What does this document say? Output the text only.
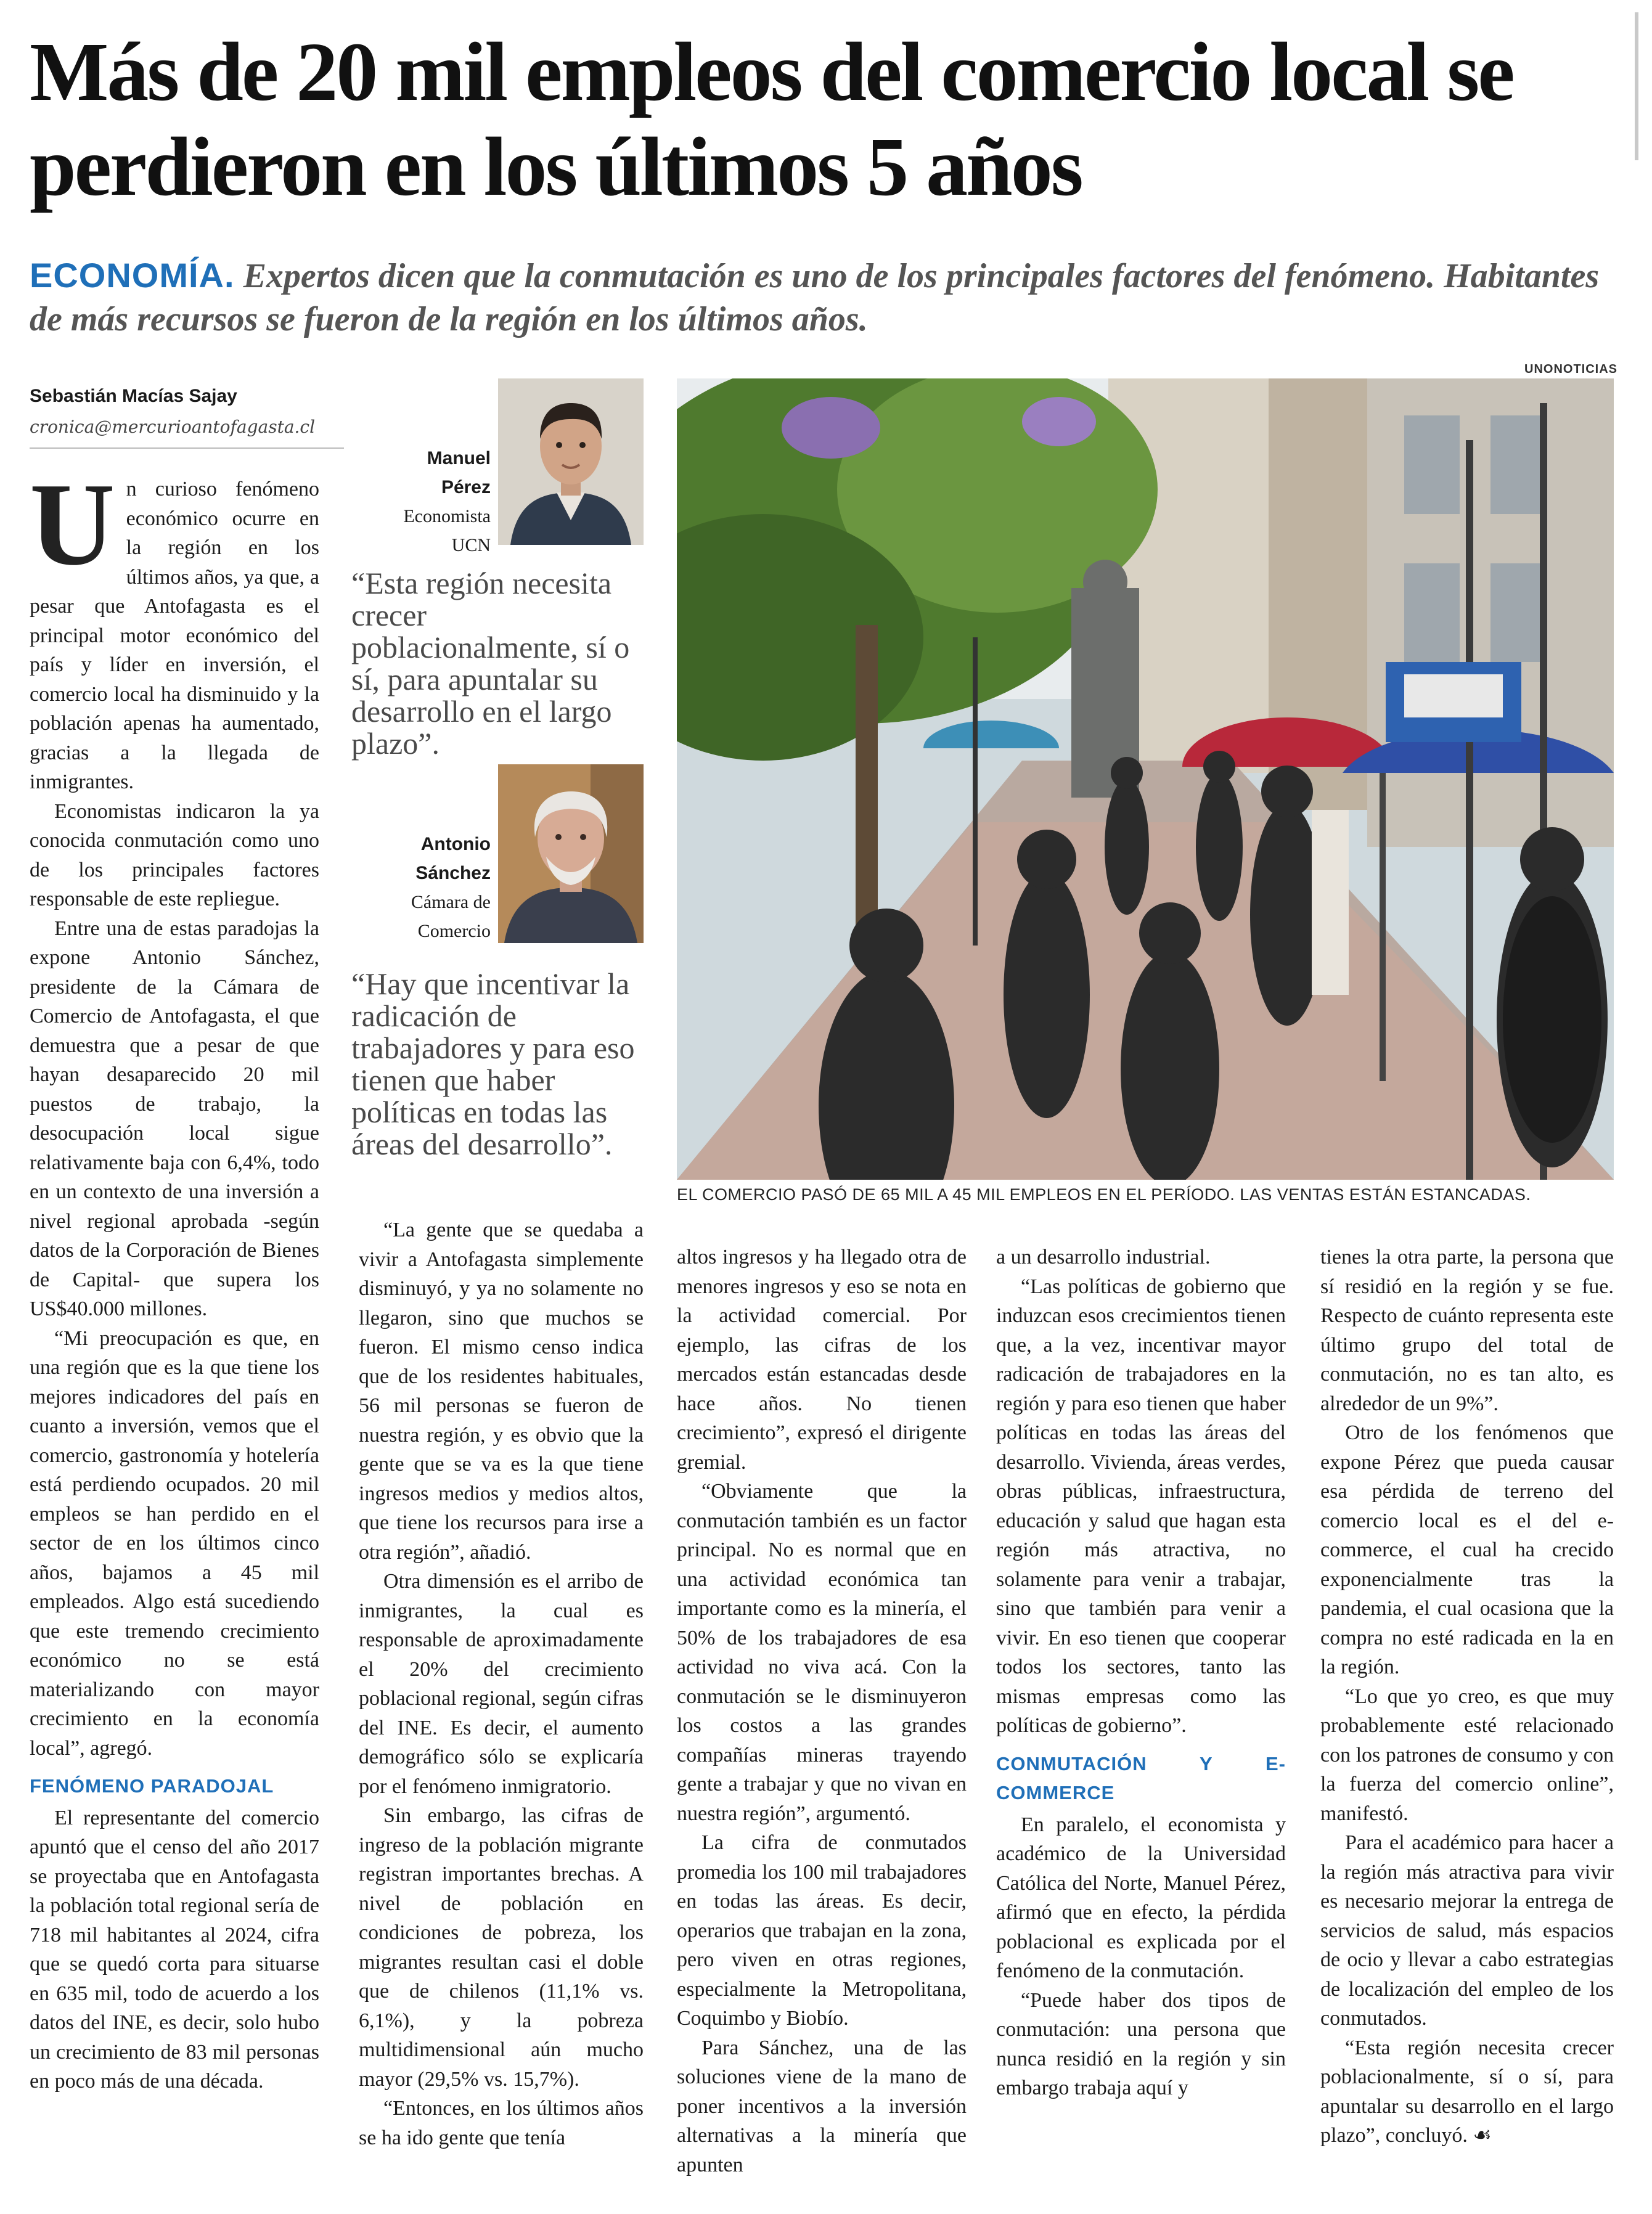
Más de 20 mil empleos del comercio local se perdieron en los últimos 5 años
ECONOMÍA. Expertos dicen que la conmutación es uno de los principales factores del fenómeno. Habitantes de más recursos se fueron de la región en los últimos años.
UNONOTICIAS
Sebastián Macías Sajay
cronica@mercurioantofagasta.cl

Un curioso fenómeno económico ocurre en la región en los últimos años, ya que, a pesar que Antofagasta es el principal motor económico del país y líder en inversión, el comercio local ha disminuido y la población apenas ha aumentado, gracias a la llegada de inmigrantes.

Economistas indicaron la ya conocida conmutación como uno de los principales factores responsable de este repliegue.

Entre una de estas paradojas la expone Antonio Sánchez, presidente de la Cámara de Comercio de Antofagasta, el que demuestra que a pesar de que hayan desaparecido 20 mil puestos de trabajo, la desocupación local sigue relativamente baja con 6,4%, todo en un contexto de una inversión a nivel regional aprobada -según datos de la Corporación de Bienes de Capital- que supera los US$40.000 millones.

“Mi preocupación es que, en una región que es la que tiene los mejores indicadores del país en cuanto a inversión, vemos que el comercio, gastronomía y hotelería está perdiendo ocupados. 20 mil empleos se han perdido en el sector de en los últimos cinco años, bajamos a 45 mil empleados. Algo está sucediendo que este tremendo crecimiento económico no se está materializando con mayor crecimiento en la economía local”, agregó.

FENÓMENO PARADOJAL

El representante del comercio apuntó que el censo del año 2017 se proyectaba que en Antofagasta la población total regional sería de 718 mil habitantes al 2024, cifra que se quedó corta para situarse en 635 mil, todo de acuerdo a los datos del INE, es decir, solo hubo un crecimiento de 83 mil personas en poco más de una década.

Manuel
Pérez
Economista
UCN
“Esta región necesita crecer poblacionalmente, sí o sí, para apuntalar su desarrollo en el largo plazo”.
Antonio
Sánchez
Cámara de
Comercio
“Hay que incentivar la radicación de trabajadores y para eso tienen que haber políticas en todas las áreas del desarrollo”.
EL COMERCIO PASÓ DE 65 MIL A 45 MIL EMPLEOS EN EL PERÍODO. LAS VENTAS ESTÁN ESTANCADAS.

“La gente que se quedaba a vivir a Antofagasta simplemente disminuyó, y ya no solamente no llegaron, sino que muchos se fueron. El mismo censo indica que de los residentes habituales, 56 mil personas se fueron de nuestra región, y es obvio que la gente que se va es la que tiene ingresos medios y medios altos, que tiene los recursos para irse a otra región”, añadió.

Otra dimensión es el arribo de inmigrantes, la cual es responsable de aproximadamente el 20% del crecimiento poblacional regional, según cifras del INE. Es decir, el aumento demográfico sólo se explicaría por el fenómeno inmigratorio.

Sin embargo, las cifras de ingreso de la población migrante registran importantes brechas. A nivel de población en condiciones de pobreza, los migrantes resultan casi el doble que de chilenos (11,1% vs. 6,1%), y la pobreza multidimensional aún mucho mayor (29,5% vs. 15,7%).

“Entonces, en los últimos años se ha ido gente que tenía

altos ingresos y ha llegado otra de menores ingresos y eso se nota en la actividad comercial. Por ejemplo, las cifras de los mercados están estancadas desde hace años. No tienen crecimiento”, expresó el dirigente gremial.

“Obviamente que la conmutación también es un factor principal. No es normal que en una actividad económica tan importante como es la minería, el 50% de los trabajadores de esa actividad no viva acá. Con la conmutación se le disminuyeron los costos a las grandes compañías mineras trayendo gente a trabajar y que no vivan en nuestra región”, argumentó.

La cifra de conmutados promedia los 100 mil trabajadores en todas las áreas. Es decir, operarios que trabajan en la zona, pero viven en otras regiones, especialmente la Metropolitana, Coquimbo y Biobío.

Para Sánchez, una de las soluciones viene de la mano de poner incentivos a la inversión alternativas a la minería que apunten

a un desarrollo industrial.

“Las políticas de gobierno que induzcan esos crecimientos tienen que, a la vez, incentivar mayor radicación de trabajadores en la región y para eso tienen que haber políticas en todas las áreas del desarrollo. Vivienda, áreas verdes, obras públicas, infraestructura, educación y salud que hagan esta región más atractiva, no solamente para venir a trabajar, sino que también para venir a vivir. En eso tienen que cooperar todos los sectores, tanto las mismas empresas como las políticas de gobierno”.

CONMUTACIÓN Y E-COMMERCE

En paralelo, el economista y académico de la Universidad Católica del Norte, Manuel Pérez, afirmó que en efecto, la pérdida poblacional es explicada por el fenómeno de la conmutación.

“Puede haber dos tipos de conmutación: una persona que nunca residió en la región y sin embargo trabaja aquí y

tienes la otra parte, la persona que sí residió en la región y se fue. Respecto de cuánto representa este último grupo del total de conmutación, no es tan alto, es alrededor de un 9%”.

Otro de los fenómenos que expone Pérez que pueda causar esa pérdida de terreno del comercio local es el del e-commerce, el cual ha crecido exponencialmente tras la pandemia, el cual ocasiona que la compra no esté radicada en la en la región.

“Lo que yo creo, es que muy probablemente esté relacionado con los patrones de consumo y con la fuerza del comercio online”, manifestó.

Para el académico para hacer a la región más atractiva para vivir es necesario mejorar la entrega de servicios de salud, más espacios de ocio y llevar a cabo estrategias de localización del empleo de los conmutados.

“Esta región necesita crecer poblacionalmente, sí o sí, para apuntalar su desarrollo en el largo plazo”, concluyó. ☙
